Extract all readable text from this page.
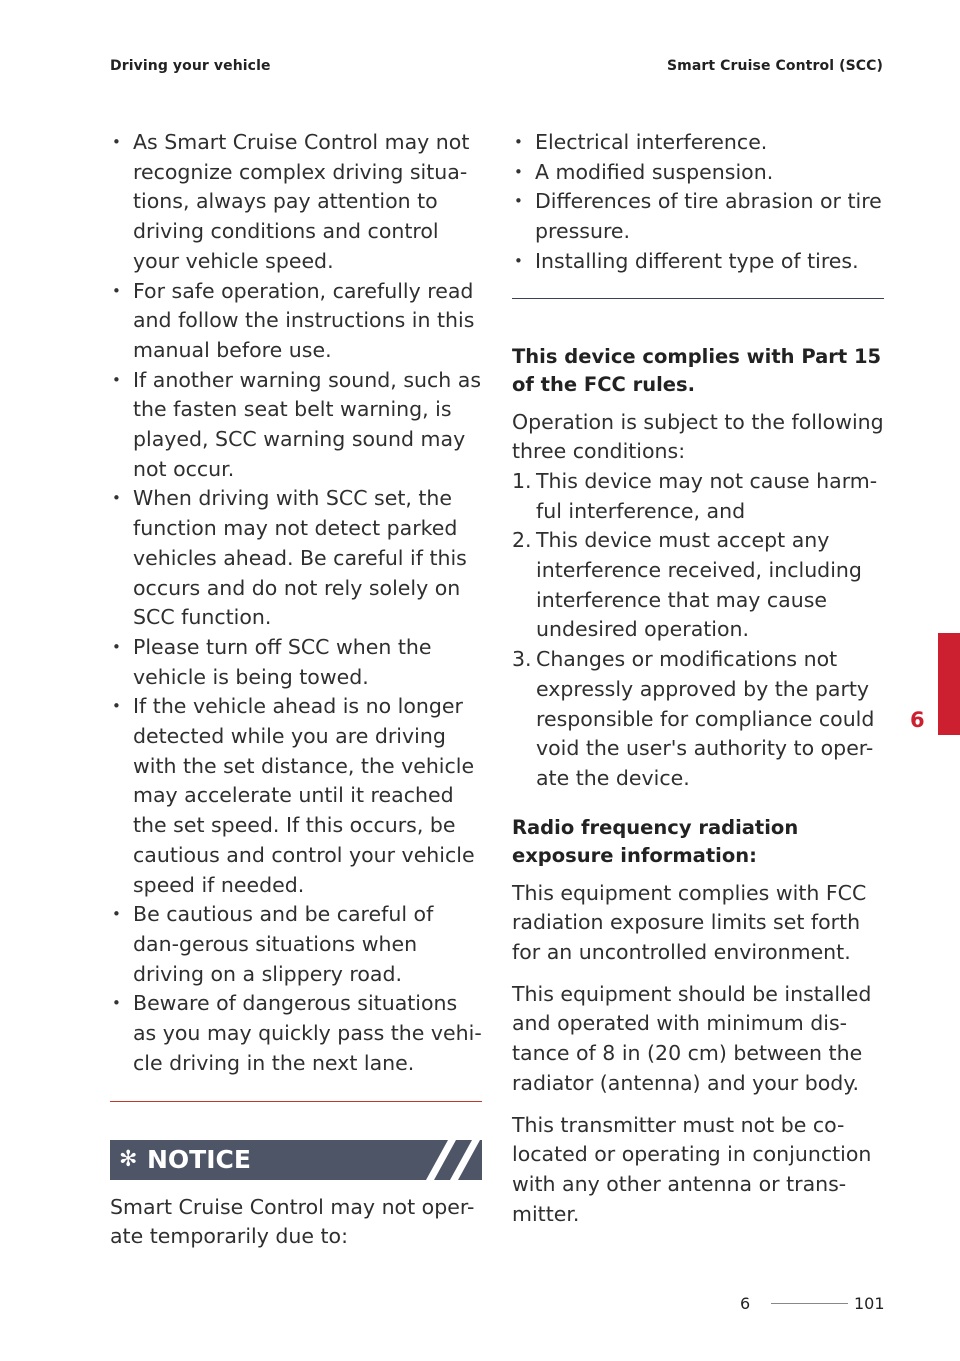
Driving your vehicle	Smart Cruise Control (SCC)
• As Smart Cruise Control may not recognize complex driving situa-tions, always pay attention to driving conditions and control your vehicle speed.
• For safe operation, carefully read and follow the instructions in this manual before use.
• If another warning sound, such as the fasten seat belt warning, is played, SCC warning sound may not occur.
• When driving with SCC set, the function may not detect parked vehicles ahead. Be careful if this occurs and do not rely solely on SCC function.
• Please turn off SCC when the vehicle is being towed.
• If the vehicle ahead is no longer detected while you are driving with the set distance, the vehicle may accelerate until it reached the set speed. If this occurs, be cautious and control your vehicle speed if needed.
• Be cautious and be careful of dan-gerous situations when driving on a slippery road.
• Beware of dangerous situations as you may quickly pass the vehi-cle driving in the next lane.
✻ NOTICE
Smart Cruise Control may not oper-ate temporarily due to:
• Electrical interference.
• A modified suspension.
• Differences of tire abrasion or tire pressure.
• Installing different type of tires.
This device complies with Part 15 of the FCC rules.

Operation is subject to the following three conditions:

1. This device may not cause harm-ful interference, and
2. This device must accept any interference received, including interference that may cause undesired operation.
3. Changes or modifications not expressly approved by the party responsible for compliance could void the user's authority to oper-ate the device.
Radio frequency radiation exposure information:

This equipment complies with FCC radiation exposure limits set forth for an uncontrolled environment.

This equipment should be installed and operated with minimum dis-tance of 8 in (20 cm) between the radiator (antenna) and your body.

This transmitter must not be co-located or operating in conjunction with any other antenna or trans-mitter.

6
6	101
